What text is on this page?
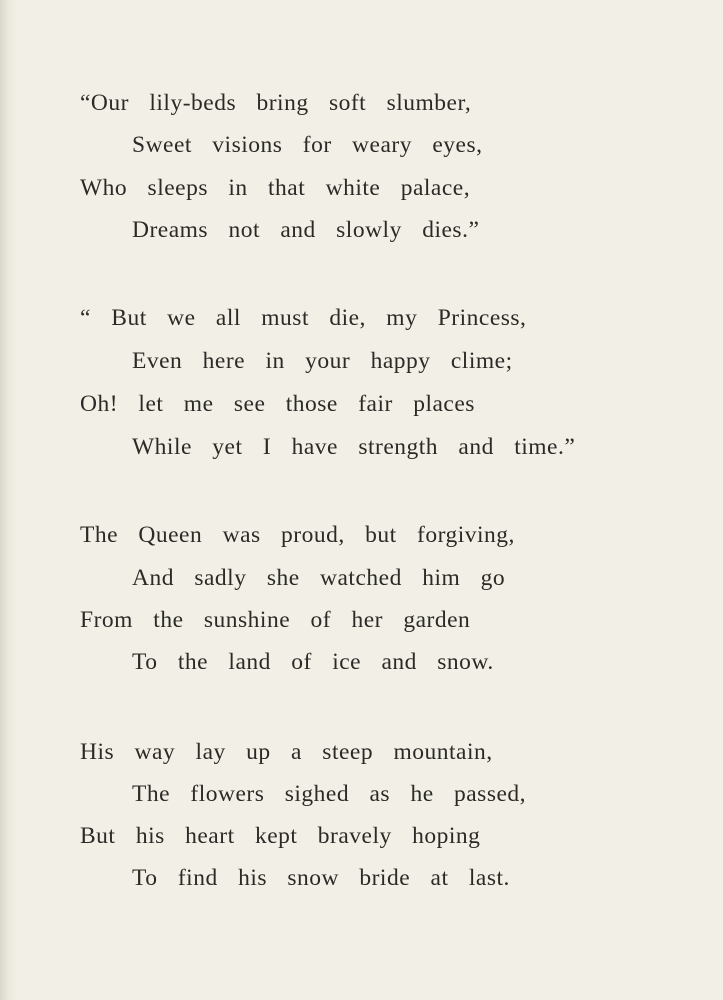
“Our lily-beds bring soft slumber,
Sweet visions for weary eyes,
Who sleeps in that white palace,
Dreams not and slowly dies.”
“ But we all must die, my Princess,
Even here in your happy clime;
Oh! let me see those fair places
While yet I have strength and time.”
The Queen was proud, but forgiving,
And sadly she watched him go
From the sunshine of her garden
To the land of ice and snow.
His way lay up a steep mountain,
The flowers sighed as he passed,
But his heart kept bravely hoping
To find his snow bride at last.
